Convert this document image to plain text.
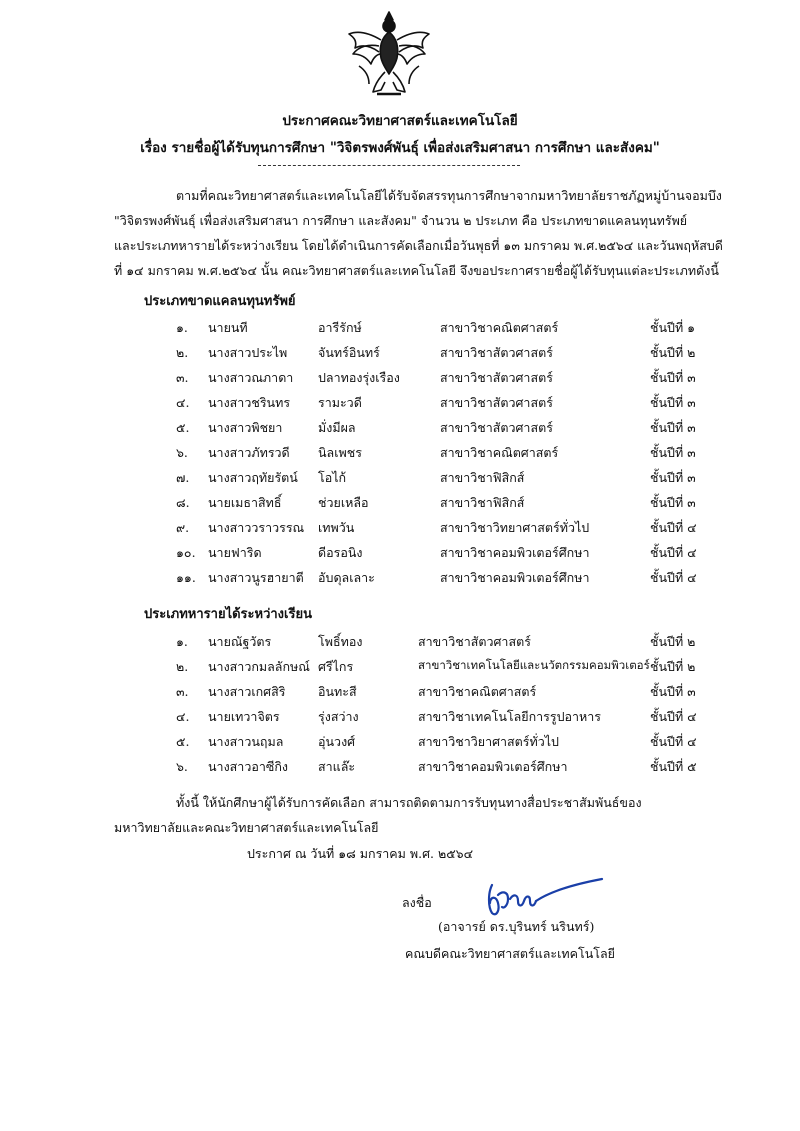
ประกาศคณะวิทยาศาสตร์และเทคโนโลยี
เรื่อง รายชื่อผู้ได้รับทุนการศึกษา "วิจิตรพงศ์พันธุ์ เพื่อส่งเสริมศาสนา การศึกษา และสังคม"
ตามที่คณะวิทยาศาสตร์และเทคโนโลยีได้รับจัดสรรทุนการศึกษาจากมหาวิทยาลัยราชภัฏหมู่บ้านจอมบึง
"วิจิตรพงศ์พันธุ์ เพื่อส่งเสริมศาสนา การศึกษา และสังคม" จำนวน ๒ ประเภท คือ ประเภทขาดแคลนทุนทรัพย์
และประเภทหารายได้ระหว่างเรียน โดยได้ดำเนินการคัดเลือกเมื่อวันพุธที่ ๑๓ มกราคม พ.ศ.๒๕๖๔ และวันพฤหัสบดี
ที่ ๑๔ มกราคม พ.ศ.๒๕๖๔ นั้น คณะวิทยาศาสตร์และเทคโนโลยี จึงขอประกาศรายชื่อผู้ได้รับทุนแต่ละประเภทดังนี้
ประเภทขาดแคลนทุนทรัพย์
๑. นายนที	อารีรักษ์	สาขาวิชาคณิตศาสตร์	ชั้นปีที่ ๑
๒. นางสาวประไพ จันทร์อินทร์	สาขาวิชาสัตวศาสตร์	ชั้นปีที่ ๒
๓. นางสาวณภาดา ปลาทองรุ่งเรือง	สาขาวิชาสัตวศาสตร์	ชั้นปีที่ ๓
๔. นางสาวชรินทร รามะวดี	สาขาวิชาสัตวศาสตร์	ชั้นปีที่ ๓
๕. นางสาวพิชยา	มั่งมีผล	สาขาวิชาสัตวศาสตร์	ชั้นปีที่ ๓
๖. นางสาวภัทรวดี นิลเพชร	สาขาวิชาคณิตศาสตร์	ชั้นปีที่ ๓
๗. นางสาวฤทัยรัตน์ โอไก้	สาขาวิชาฟิสิกส์	ชั้นปีที่ ๓
๘. นายเมธาสิทธิ์	ช่วยเหลือ	สาขาวิชาฟิสิกส์	ชั้นปีที่ ๓
๙. นางสาววราวรรณ เทพวัน	สาขาวิชาวิทยาศาสตร์ทั่วไป	ชั้นปีที่ ๔
๑๐. นายฟาริด	ดีอรอนิง	สาขาวิชาคอมพิวเตอร์ศึกษา	ชั้นปีที่ ๔
๑๑. นางสาวนูรฮายาตี อับดุลเลาะ	สาขาวิชาคอมพิวเตอร์ศึกษา	ชั้นปีที่ ๔
ประเภทหารายได้ระหว่างเรียน
๑. นายณัฐวัตร	โพธิ์ทอง	สาขาวิชาสัตวศาสตร์	ชั้นปีที่ ๒
๒. นางสาวกมลลักษณ์ ศรีไกร	สาขาวิชาเทคโนโลยีและนวัตกรรมคอมพิวเตอร์ ชั้นปีที่ ๒
๓. นางสาวเกศสิริ	อินทะสี	สาขาวิชาคณิตศาสตร์	ชั้นปีที่ ๓
๔. นายเทวาจิตร	รุ่งสว่าง	สาขาวิชาเทคโนโลยีการรูปอาหาร	ชั้นปีที่ ๔
๕. นางสาวนฤมล	อุ่นวงศ์	สาขาวิชาวิยาศาสตร์ทั่วไป	ชั้นปีที่ ๔
๖. นางสาวอาซีกิง สาแล๊ะ	สาขาวิชาคอมพิวเตอร์ศึกษา	ชั้นปีที่ ๕
ทั้งนี้ ให้นักศึกษาผู้ได้รับการคัดเลือก สามารถติดตามการรับทุนทางสื่อประชาสัมพันธ์ของ
มหาวิทยาลัยและคณะวิทยาศาสตร์และเทคโนโลยี
ประกาศ ณ วันที่ ๑๘ มกราคม พ.ศ. ๒๕๖๔
ลงชื่อ
(อาจารย์ ดร.บุรินทร์ นรินทร์)
คณบดีคณะวิทยาศาสตร์และเทคโนโลยี
